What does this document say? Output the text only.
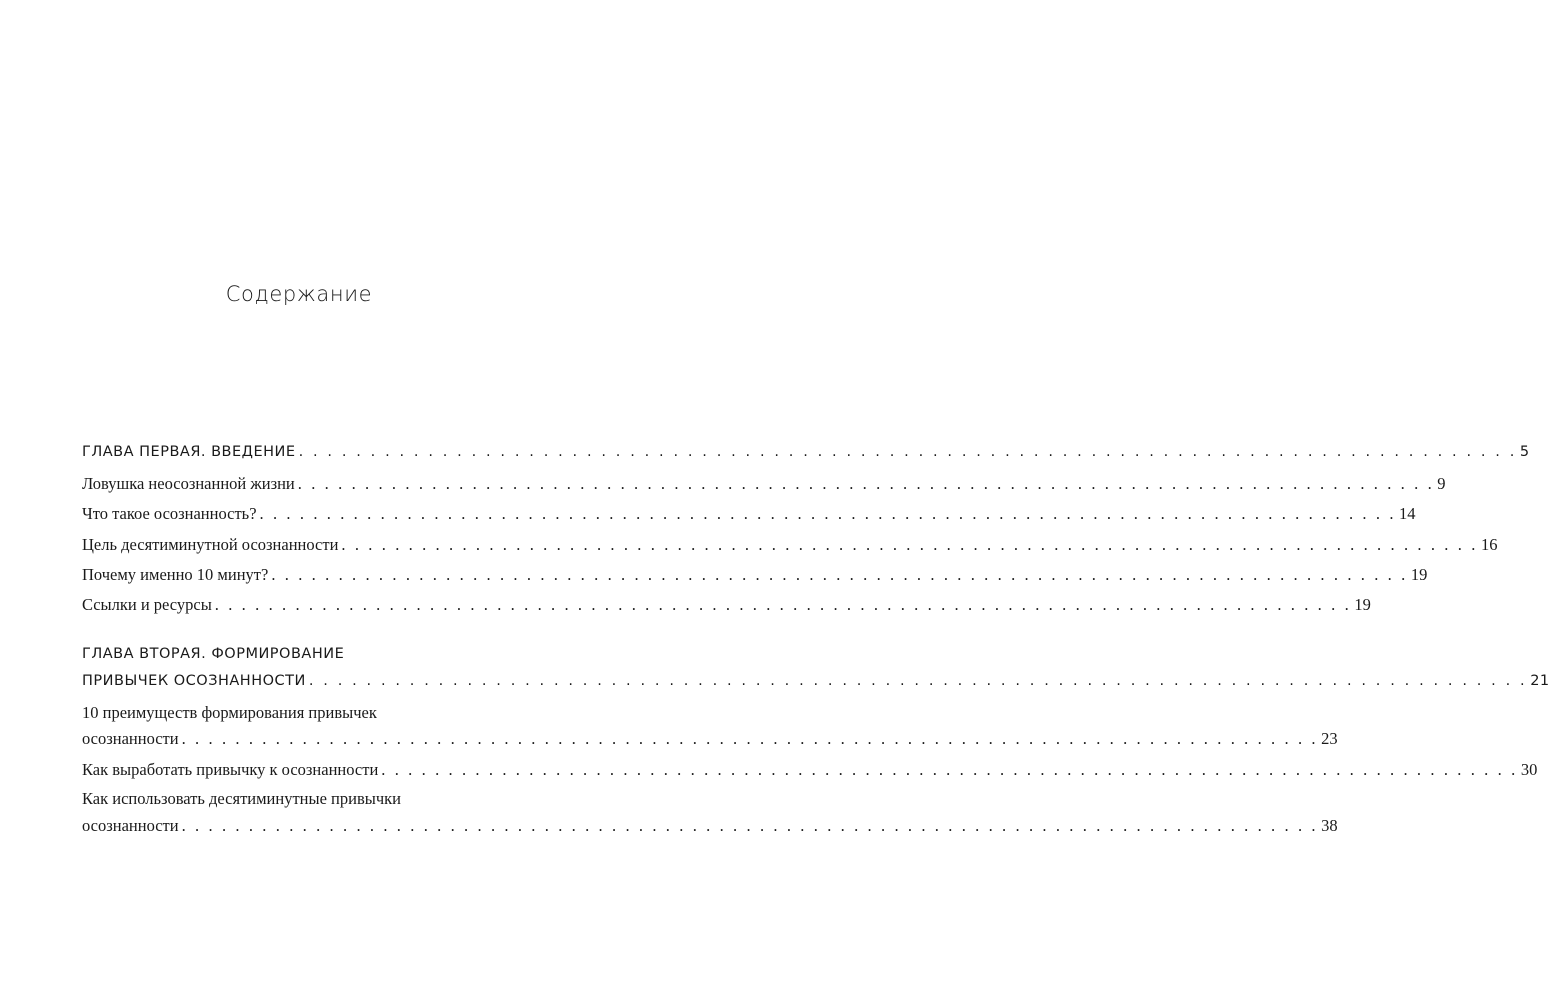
Содержание
ГЛАВА ПЕРВАЯ. ВВЕДЕНИЕ . . . . . . . . . . . . . . . . . . . . . . . . . . . . . . . . . . . . . . . . . . . . . . . . . . . . . . . . . . . . . . . . . . . . . . . . . . . . . . . . . . . . . 5
Ловушка неосознанной жизни . . . . . . . . . . . . . . . . . . . . . . . . . . . . . . . . . . . . . . . . . . . . . . . . . . . . . . . . . . . . . . . . . . . . . . . . . . . . . . . . . . . . . 9
Что такое осознанность? . . . . . . . . . . . . . . . . . . . . . . . . . . . . . . . . . . . . . . . . . . . . . . . . . . . . . . . . . . . . . . . . . . . . . . . . . . . . . . . . . . . . . 14
Цель десятиминутной осознанности . . . . . . . . . . . . . . . . . . . . . . . . . . . . . . . . . . . . . . . . . . . . . . . . . . . . . . . . . . . . . . . . . . . . . . . . . . . . . . . . . . . . . 16
Почему именно 10 минут? . . . . . . . . . . . . . . . . . . . . . . . . . . . . . . . . . . . . . . . . . . . . . . . . . . . . . . . . . . . . . . . . . . . . . . . . . . . . . . . . . . . . . 19
Ссылки и ресурсы . . . . . . . . . . . . . . . . . . . . . . . . . . . . . . . . . . . . . . . . . . . . . . . . . . . . . . . . . . . . . . . . . . . . . . . . . . . . . . . . . . . . . 19
ГЛАВА ВТОРАЯ. ФОРМИРОВАНИЕ
ПРИВЫЧЕК ОСОЗНАННОСТИ . . . . . . . . . . . . . . . . . . . . . . . . . . . . . . . . . . . . . . . . . . . . . . . . . . . . . . . . . . . . . . . . . . . . . . . . . . . . . . . . . . . . . 21
10 преимуществ формирования привычек
осознанности . . . . . . . . . . . . . . . . . . . . . . . . . . . . . . . . . . . . . . . . . . . . . . . . . . . . . . . . . . . . . . . . . . . . . . . . . . . . . . . . . . . . . 23
Как выработать привычку к осознанности . . . . . . . . . . . . . . . . . . . . . . . . . . . . . . . . . . . . . . . . . . . . . . . . . . . . . . . . . . . . . . . . . . . . . . . . . . . . . . . . . . . . . 30
Как использовать десятиминутные привычки
осознанности . . . . . . . . . . . . . . . . . . . . . . . . . . . . . . . . . . . . . . . . . . . . . . . . . . . . . . . . . . . . . . . . . . . . . . . . . . . . . . . . . . . . . 38
